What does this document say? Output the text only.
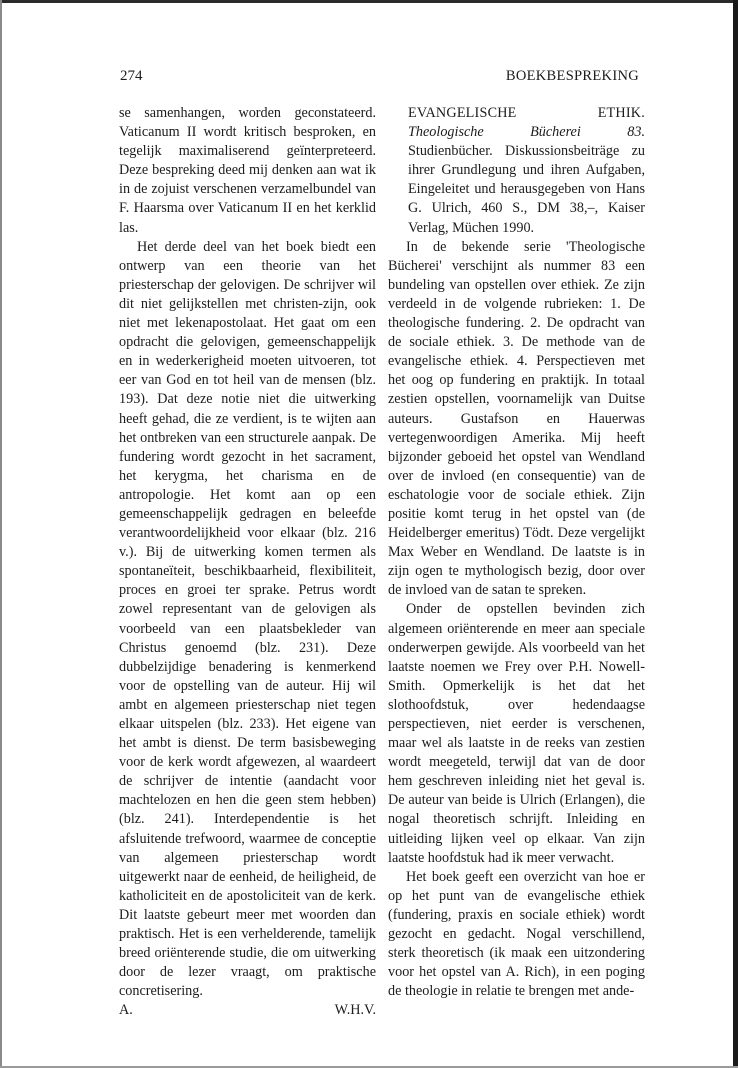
274	BOEKBESPREKING

se samenhangen, worden geconstateerd. Vaticanum II wordt kritisch besproken, en tegelijk maximaliserend geïnterpreteerd. Deze bespreking deed mij denken aan wat ik in de zojuist verschenen verzamelbundel van F. Haarsma over Vaticanum II en het kerklid las.

Het derde deel van het boek biedt een ontwerp van een theorie van het priesterschap der gelovigen. De schrijver wil dit niet gelijkstellen met christen-zijn, ook niet met lekenapostolaat. Het gaat om een opdracht die gelovigen, gemeenschappelijk en in wederkerigheid moeten uitvoeren, tot eer van God en tot heil van de mensen (blz. 193). Dat deze notie niet die uitwerking heeft gehad, die ze verdient, is te wijten aan het ontbreken van een structurele aanpak. De fundering wordt gezocht in het sacrament, het kerygma, het charisma en de antropologie. Het komt aan op een gemeenschappelijk gedragen en beleefde verantwoordelijkheid voor elkaar (blz. 216 v.). Bij de uitwerking komen termen als spontaneïteit, beschikbaarheid, flexibiliteit, proces en groei ter sprake. Petrus wordt zowel representant van de gelovigen als voorbeeld van een plaatsbekleder van Christus genoemd (blz. 231). Deze dubbelzijdige benadering is kenmerkend voor de opstelling van de auteur. Hij wil ambt en algemeen priesterschap niet tegen elkaar uitspelen (blz. 233). Het eigene van het ambt is dienst. De term basisbeweging voor de kerk wordt afgewezen, al waardeert de schrijver de intentie (aandacht voor machtelozen en hen die geen stem hebben) (blz. 241). Interdependentie is het afsluitende trefwoord, waarmee de conceptie van algemeen priesterschap wordt uitgewerkt naar de eenheid, de heiligheid, de katholiciteit en de apostoliciteit van de kerk. Dit laatste gebeurt meer met woorden dan praktisch. Het is een verhelderende, tamelijk breed oriënterende studie, die om uitwerking door de lezer vraagt, om praktische concretisering.

A.	W.H.V.

EVANGELISCHE ETHIK. Theologische Bücherei 83. Studienbücher. Diskussionsbeiträge zu ihrer Grundlegung und ihren Aufgaben, Eingeleitet und herausgegeben von Hans G. Ulrich, 460 S., DM 38,–, Kaiser Verlag, Müchen 1990.

In de bekende serie 'Theologische Bücherei' verschijnt als nummer 83 een bundeling van opstellen over ethiek. Ze zijn verdeeld in de volgende rubrieken: 1. De theologische fundering. 2. De opdracht van de sociale ethiek. 3. De methode van de evangelische ethiek. 4. Perspectieven met het oog op fundering en praktijk. In totaal zestien opstellen, voornamelijk van Duitse auteurs. Gustafson en Hauerwas vertegenwoordigen Amerika. Mij heeft bijzonder geboeid het opstel van Wendland over de invloed (en consequentie) van de eschatologie voor de sociale ethiek. Zijn positie komt terug in het opstel van (de Heidelberger emeritus) Tödt. Deze vergelijkt Max Weber en Wendland. De laatste is in zijn ogen te mythologisch bezig, door over de invloed van de satan te spreken.

Onder de opstellen bevinden zich algemeen oriënterende en meer aan speciale onderwerpen gewijde. Als voorbeeld van het laatste noemen we Frey over P.H. Nowell-Smith. Opmerkelijk is het dat het slothoofdstuk, over hedendaagse perspectieven, niet eerder is verschenen, maar wel als laatste in de reeks van zestien wordt meegeteld, terwijl dat van de door hem geschreven inleiding niet het geval is. De auteur van beide is Ulrich (Erlangen), die nogal theoretisch schrijft. Inleiding en uitleiding lijken veel op elkaar. Van zijn laatste hoofdstuk had ik meer verwacht.

Het boek geeft een overzicht van hoe er op het punt van de evangelische ethiek (fundering, praxis en sociale ethiek) wordt gezocht en gedacht. Nogal verschillend, sterk theoretisch (ik maak een uitzondering voor het opstel van A. Rich), in een poging de theologie in relatie te brengen met ande-
